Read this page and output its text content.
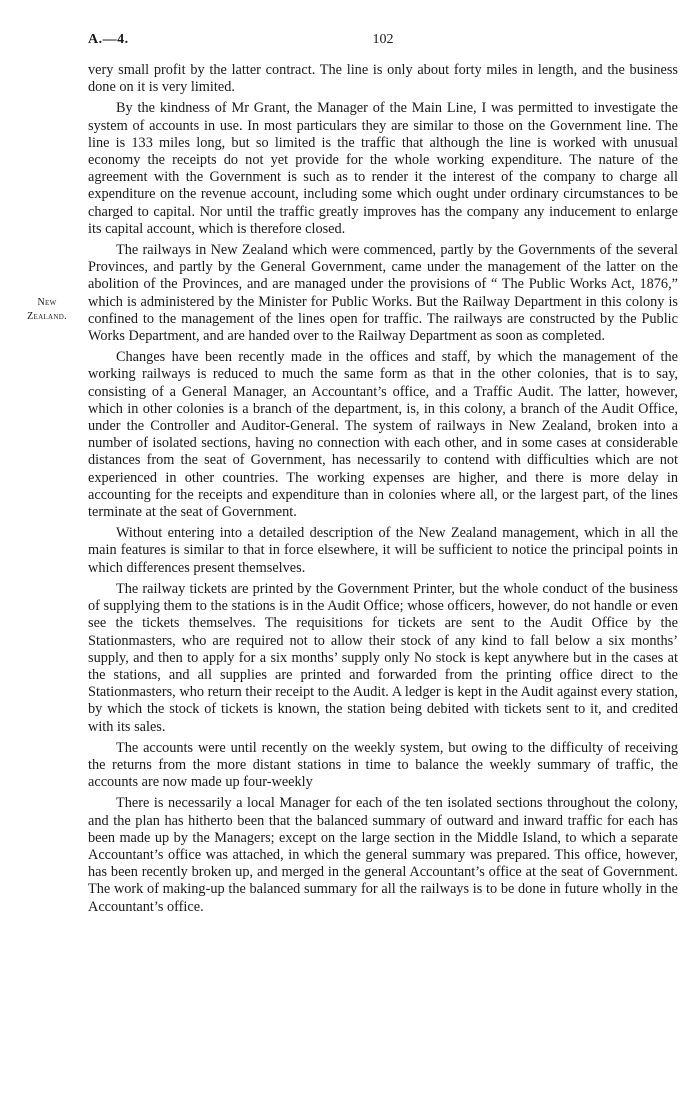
A.—4.	102
New
Zealand.

very small profit by the latter contract. The line is only about forty miles in length, and the business done on it is very limited.

By the kindness of Mr Grant, the Manager of the Main Line, I was permitted to investigate the system of accounts in use. In most particulars they are similar to those on the Government line. The line is 133 miles long, but so limited is the traffic that although the line is worked with unusual economy the receipts do not yet provide for the whole working expenditure. The nature of the agreement with the Government is such as to render it the interest of the company to charge all expenditure on the revenue account, including some which ought under ordinary circumstances to be charged to capital. Nor until the traffic greatly improves has the company any inducement to enlarge its capital account, which is therefore closed.

The railways in New Zealand which were commenced, partly by the Governments of the several Provinces, and partly by the General Government, came under the management of the latter on the abolition of the Provinces, and are managed under the provisions of “ The Public Works Act, 1876,” which is administered by the Minister for Public Works. But the Railway Department in this colony is confined to the management of the lines open for traffic. The railways are constructed by the Public Works Department, and are handed over to the Railway Department as soon as completed.

Changes have been recently made in the offices and staff, by which the management of the working railways is reduced to much the same form as that in the other colonies, that is to say, consisting of a General Manager, an Accountant’s office, and a Traffic Audit. The latter, however, which in other colonies is a branch of the department, is, in this colony, a branch of the Audit Office, under the Controller and Auditor-General. The system of railways in New Zealand, broken into a number of isolated sections, having no connection with each other, and in some cases at considerable distances from the seat of Government, has necessarily to contend with difficulties which are not experienced in other countries. The working expenses are higher, and there is more delay in accounting for the receipts and expenditure than in colonies where all, or the largest part, of the lines terminate at the seat of Government.

Without entering into a detailed description of the New Zealand management, which in all the main features is similar to that in force elsewhere, it will be sufficient to notice the principal points in which differences present themselves.

The railway tickets are printed by the Government Printer, but the whole conduct of the business of supplying them to the stations is in the Audit Office; whose officers, however, do not handle or even see the tickets themselves. The requisitions for tickets are sent to the Audit Office by the Stationmasters, who are required not to allow their stock of any kind to fall below a six months’ supply, and then to apply for a six months’ supply only No stock is kept anywhere but in the cases at the stations, and all supplies are printed and forwarded from the printing office direct to the Stationmasters, who return their receipt to the Audit. A ledger is kept in the Audit against every station, by which the stock of tickets is known, the station being debited with tickets sent to it, and credited with its sales.

The accounts were until recently on the weekly system, but owing to the difficulty of receiving the returns from the more distant stations in time to balance the weekly summary of traffic, the accounts are now made up four-weekly

There is necessarily a local Manager for each of the ten isolated sections throughout the colony, and the plan has hitherto been that the balanced summary of outward and inward traffic for each has been made up by the Managers; except on the large section in the Middle Island, to which a separate Accountant’s office was attached, in which the general summary was prepared. This office, however, has been recently broken up, and merged in the general Accountant’s office at the seat of Government. The work of making-up the balanced summary for all the railways is to be done in future wholly in the Accountant’s office.
